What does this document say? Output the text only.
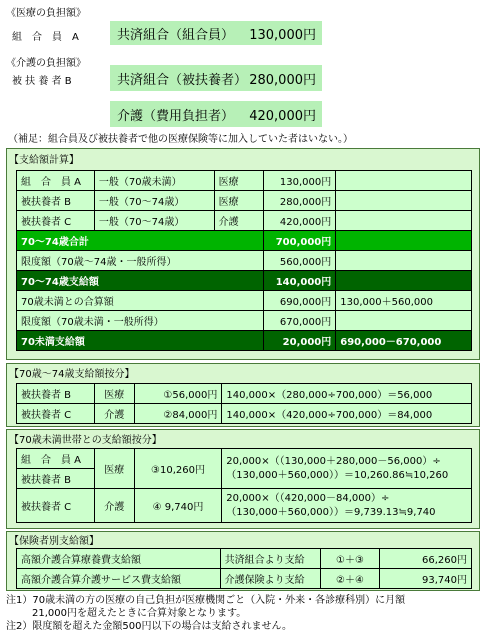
《医療の負担額》
組　合　員　A	共済組合（組合員） 130,000円
《介護の負担額》
被 扶 養 者 B	共済組合（被扶養者） 280,000円
介護（費用負担者） 420,000円
（補足：組合員及び被扶養者で他の医療保険等に加入していた者はいない。）
【支給額計算】
組　合　員 A	一般（70歳未満）	医療	130,000円	
被扶養者 B	一般（70〜74歳）	医療	280,000円	
被扶養者 C	一般（70〜74歳）	介護	420,000円	
70〜74歳合計			700,000円	
限度額（70歳〜74歳・一般所得）			560,000円	
70〜74歳支給額			140,000円	
70歳未満との合算額			690,000円	130,000＋560,000
限度額（70歳未満・一般所得）			670,000円	
70未満支給額			20,000円	690,000－670,000
【70歳〜74歳支給額按分】
被扶養者 B	医療	①56,000円	140,000×（280,000÷700,000）＝56,000
被扶養者 C	介護	②84,000円	140,000×（420,000÷700,000）＝84,000
【70歳未満世帯との支給額按分】
組　合　員 A	医療	③10,260円	20,000×（（130,000＋280,000－56,000）÷
（130,000＋560,000））＝10,260.86≒10,260

被扶養者 B			
被扶養者 C	介護	④ 9,740円	20,000×（（420,000－84,000）÷
（130,000＋560,000））＝9,739.13≒9,740
【保険者別支給額】
高額介護合算療養費支給額	共済組合より支給	①＋③	66,260円
高額介護合算介護サービス費支給額	介護保険より支給	②＋④	93,740円
注1）70歳未満の方の医療の自己負担が医療機関ごと（入院・外来・各診療科別）に月額
21,000円を超えたときに合算対象となります。
注2）限度額を超えた金額500円以下の場合は支給されません。
